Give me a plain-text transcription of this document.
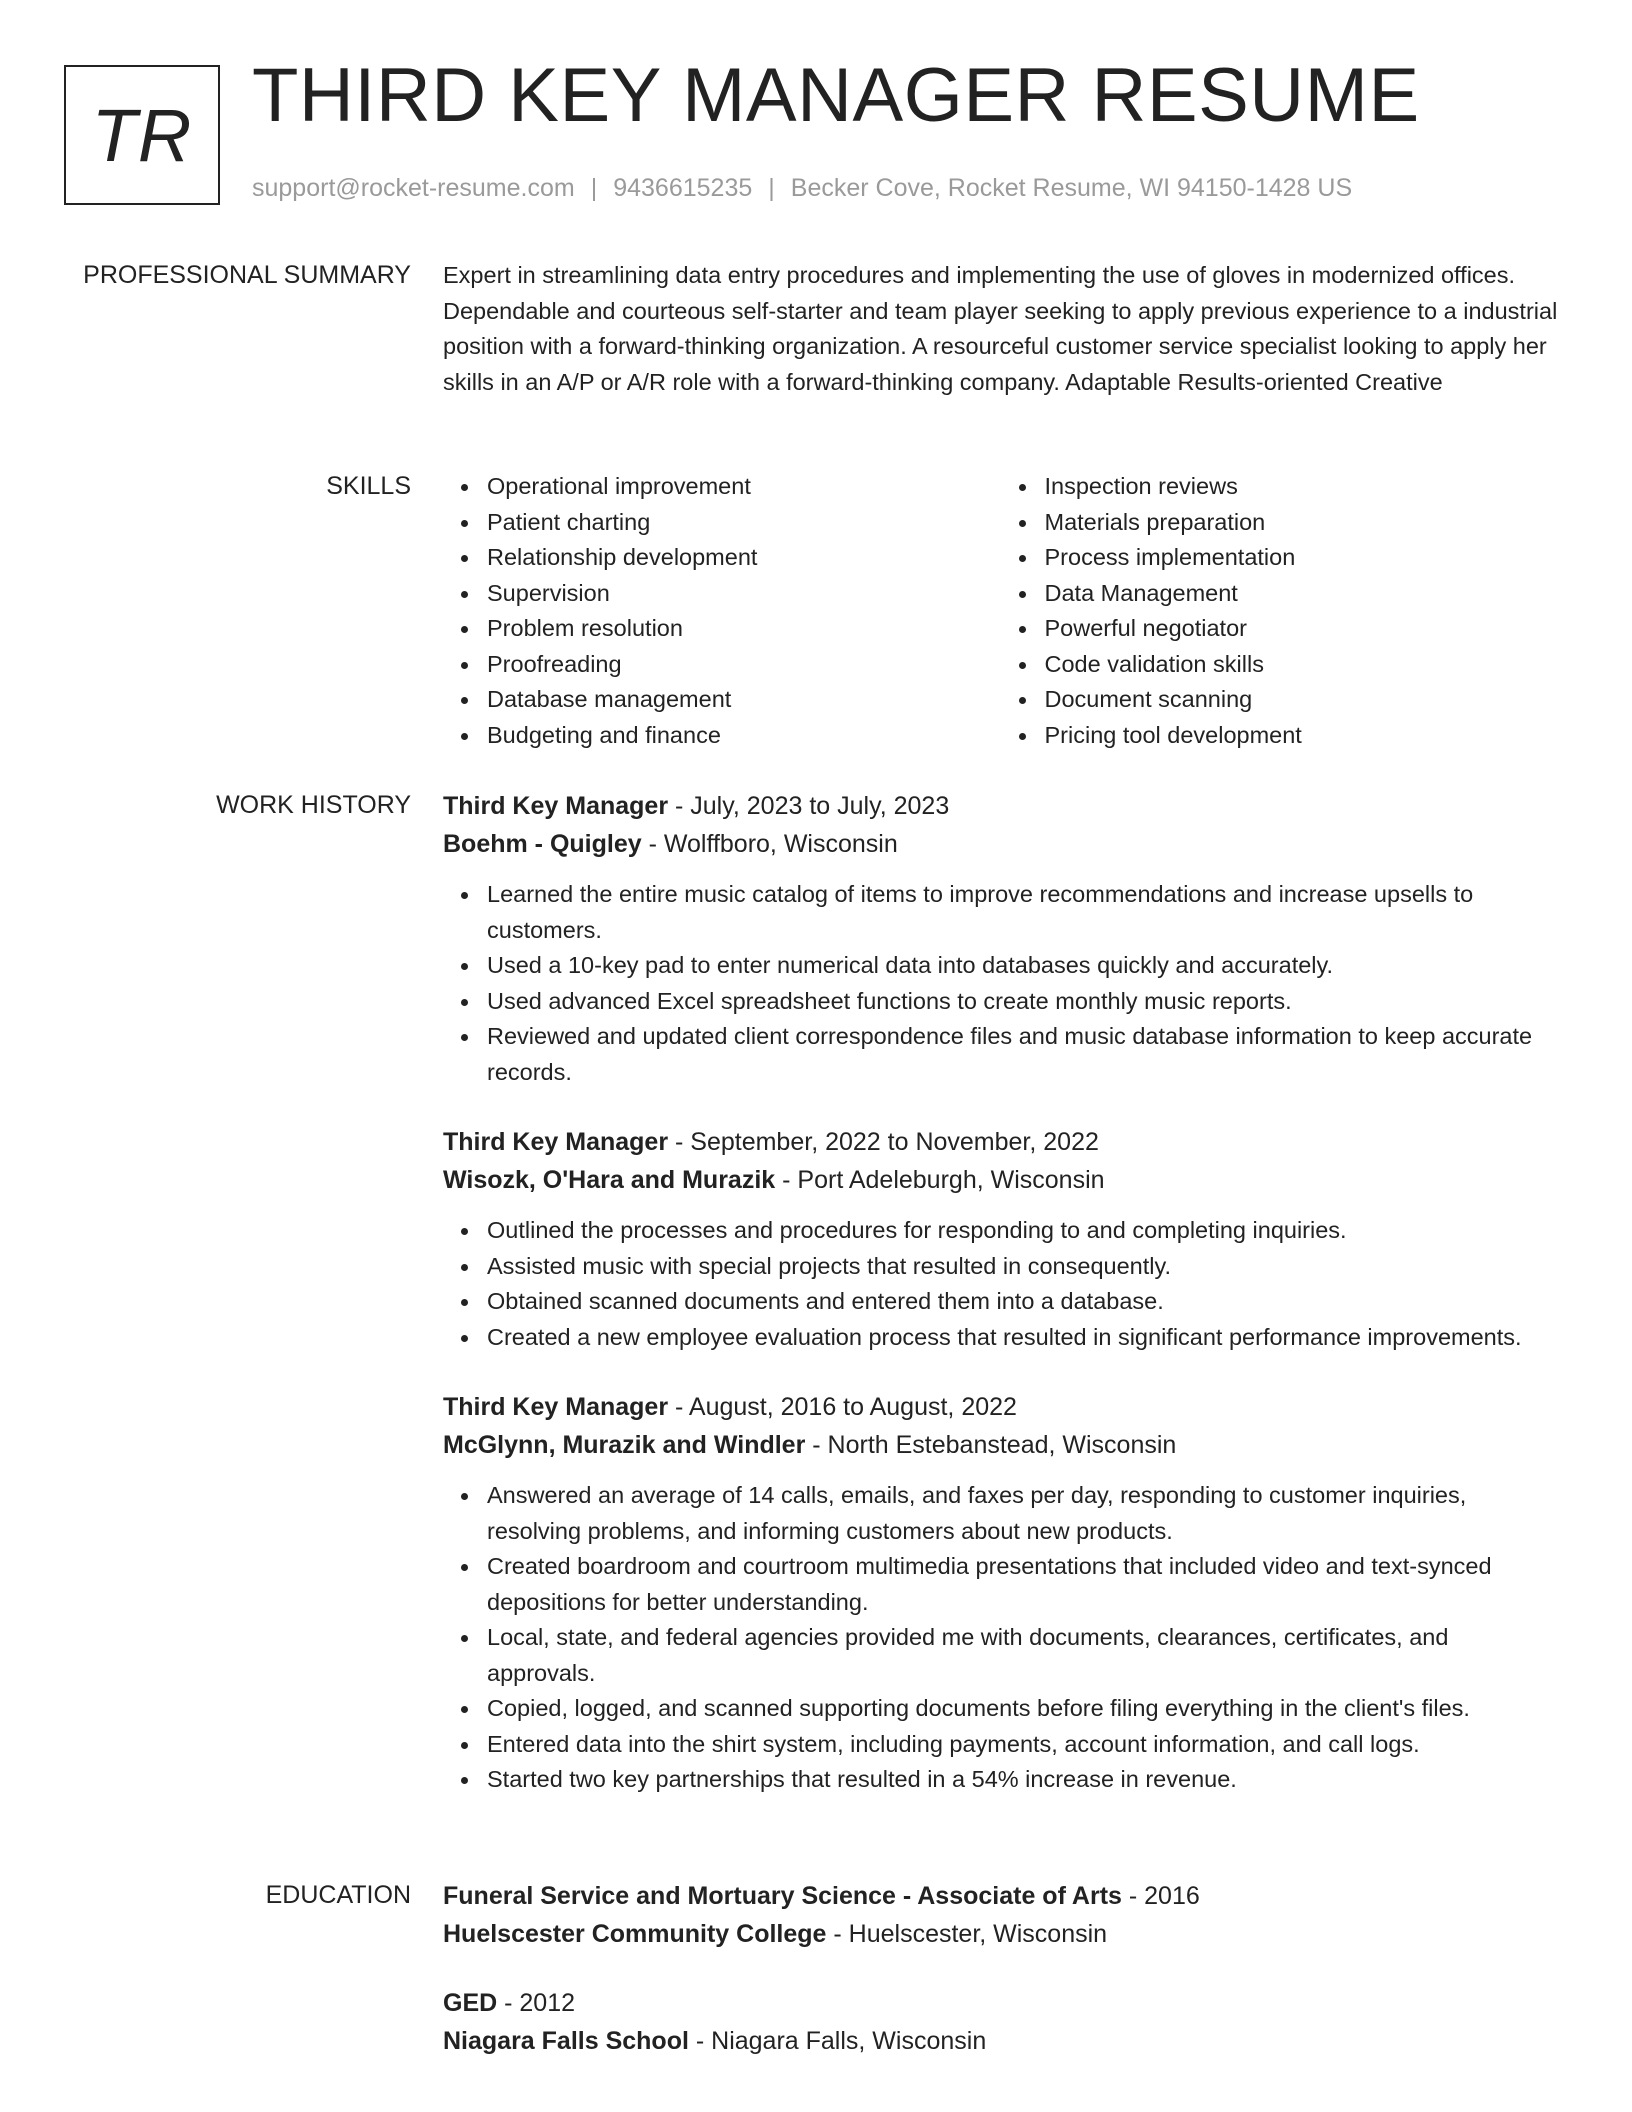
TR THIRD KEY MANAGER RESUME
support@rocket-resume.com | 9436615235 | Becker Cove, Rocket Resume, WI 94150-1428 US
PROFESSIONAL SUMMARY Expert in streamlining data entry procedures and implementing the use of gloves in modernized offices. Dependable and courteous self-starter and team player seeking to apply previous experience to a industrial position with a forward-thinking organization. A resourceful customer service specialist looking to apply her skills in an A/P or A/R role with a forward-thinking company. Adaptable Results-oriented Creative

SKILLS	Operational improvement
Patient charting
Relationship development
Supervision
Problem resolution
Proofreading
Database management
Budgeting and finance
Inspection reviews
Materials preparation
Process implementation
Data Management
Powerful negotiator
Code validation skills
Document scanning
Pricing tool development
WORK HISTORY Third Key Manager - July, 2023 to July, 2023
Boehm - Quigley - Wolffboro, Wisconsin
Learned the entire music catalog of items to improve recommendations and increase upsells to customers.
Used a 10-key pad to enter numerical data into databases quickly and accurately.
Used advanced Excel spreadsheet functions to create monthly music reports.
Reviewed and updated client correspondence files and music database information to keep accurate records.
Third Key Manager - September, 2022 to November, 2022
Wisozk, O'Hara and Murazik - Port Adeleburgh, Wisconsin
Outlined the processes and procedures for responding to and completing inquiries.
Assisted music with special projects that resulted in consequently.
Obtained scanned documents and entered them into a database.
Created a new employee evaluation process that resulted in significant performance improvements.
Third Key Manager - August, 2016 to August, 2022
McGlynn, Murazik and Windler - North Estebanstead, Wisconsin
Answered an average of 14 calls, emails, and faxes per day, responding to customer inquiries, resolving problems, and informing customers about new products.
Created boardroom and courtroom multimedia presentations that included video and text-synced depositions for better understanding.
Local, state, and federal agencies provided me with documents, clearances, certificates, and approvals.
Copied, logged, and scanned supporting documents before filing everything in the client's files.
Entered data into the shirt system, including payments, account information, and call logs.
Started two key partnerships that resulted in a 54% increase in revenue.
EDUCATION Funeral Service and Mortuary Science - Associate of Arts - 2016
Huelscester Community College - Huelscester, Wisconsin
GED - 2012
Niagara Falls School - Niagara Falls, Wisconsin
